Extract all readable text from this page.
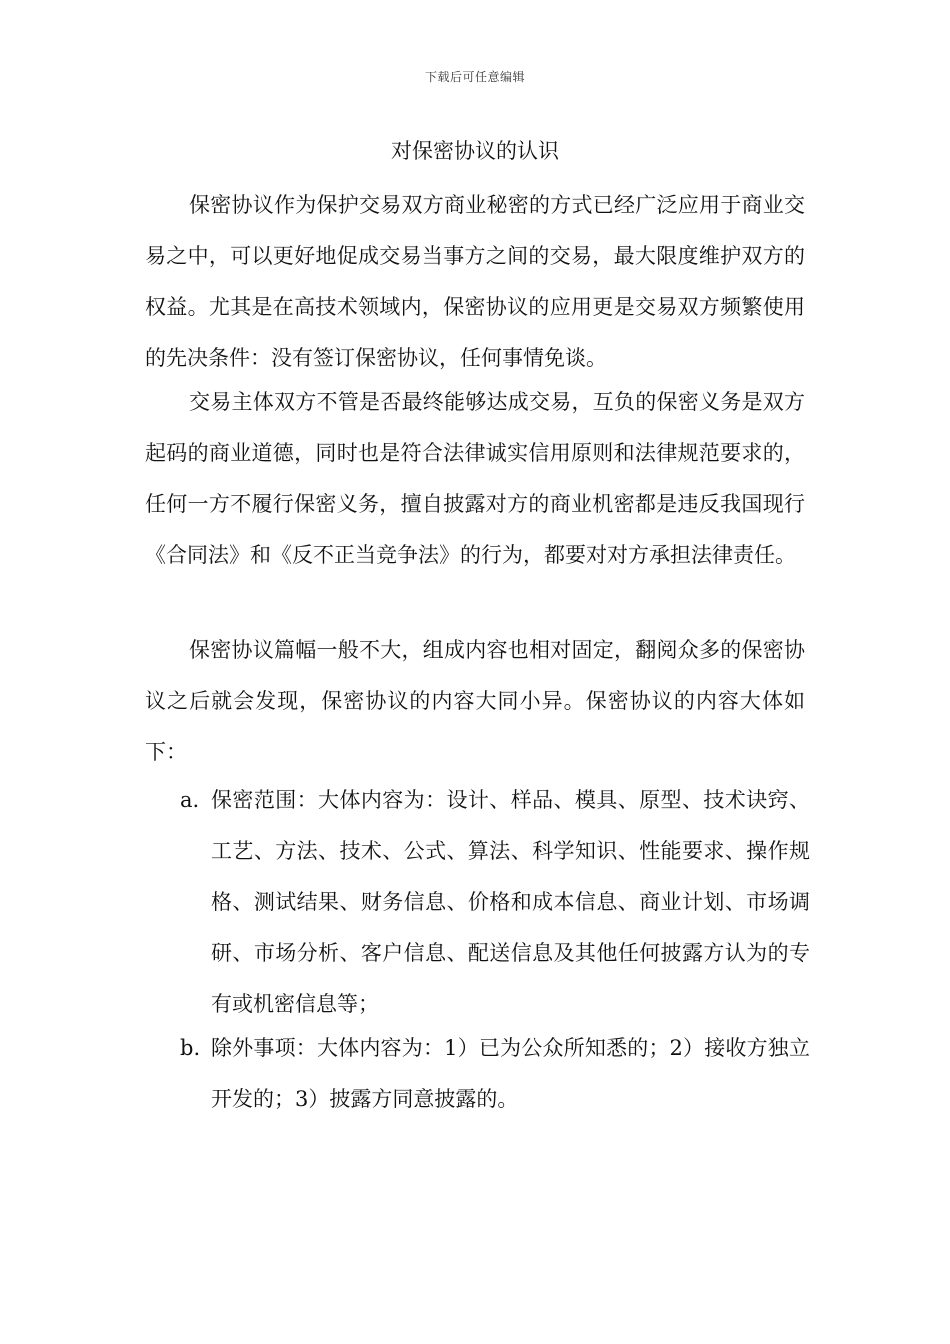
下载后可任意编辑
对保密协议的认识

保密协议作为保护交易双方商业秘密的方式已经广泛应用于商业交易之中，可以更好地促成交易当事方之间的交易，最大限度维护双方的权益。尤其是在高技术领域内，保密协议的应用更是交易双方频繁使用的先决条件：没有签订保密协议，任何事情免谈。

交易主体双方不管是否最终能够达成交易，互负的保密义务是双方起码的商业道德，同时也是符合法律诚实信用原则和法律规范要求的，任何一方不履行保密义务，擅自披露对方的商业机密都是违反我国现行《合同法》和《反不正当竞争法》的行为，都要对对方承担法律责任。

保密协议篇幅一般不大，组成内容也相对固定，翻阅众多的保密协议之后就会发现，保密协议的内容大同小异。保密协议的内容大体如下：

a. 保密范围：大体内容为：设计、样品、模具、原型、技术诀窍、工艺、方法、技术、公式、算法、科学知识、性能要求、操作规格、测试结果、财务信息、价格和成本信息、商业计划、市场调研、市场分析、客户信息、配送信息及其他任何披露方认为的专有或机密信息等；
b. 除外事项：大体内容为：1）已为公众所知悉的；2）接收方独立开发的；3）披露方同意披露的。
